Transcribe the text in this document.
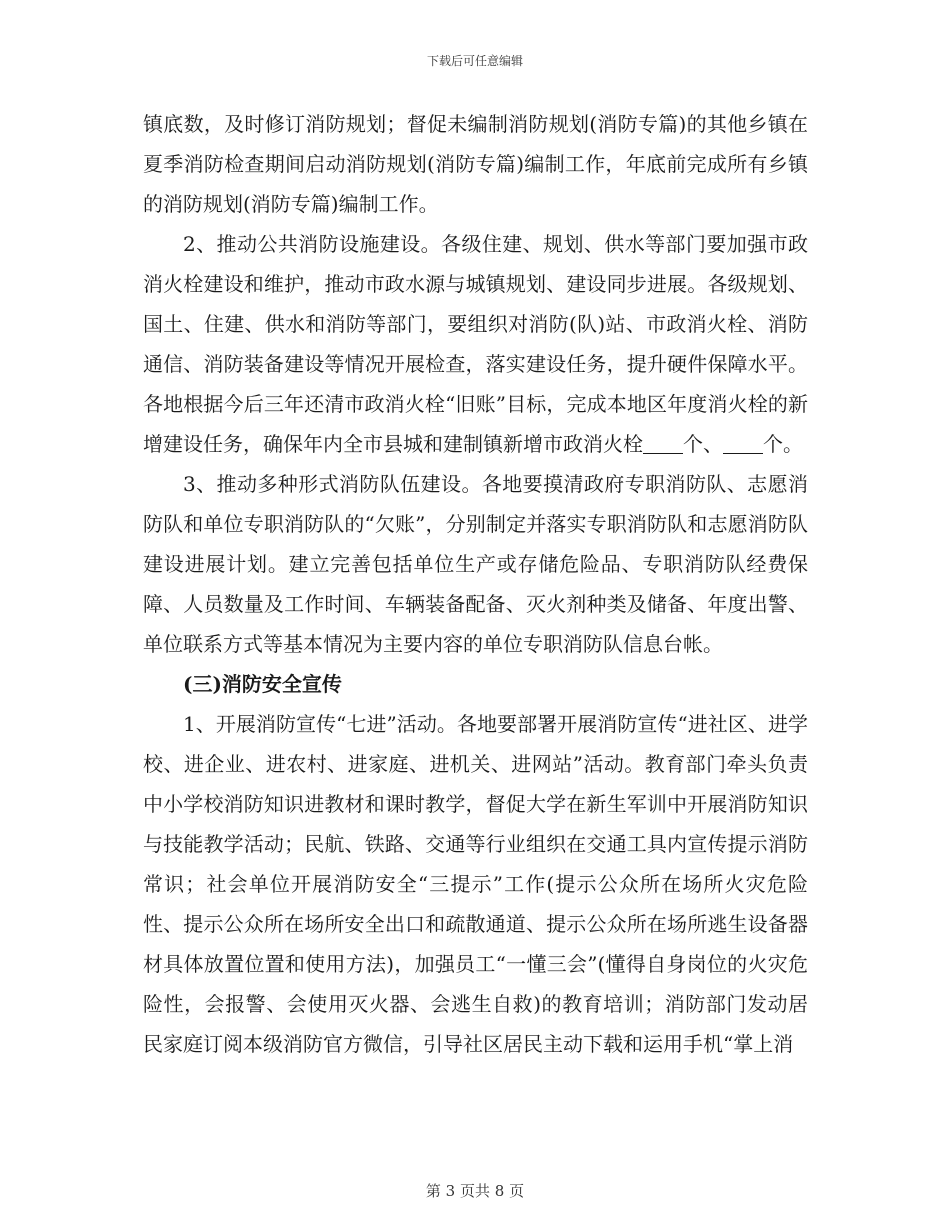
下载后可任意编辑

镇底数，及时修订消防规划；督促未编制消防规划(消防专篇)的其他乡镇在夏季消防检查期间启动消防规划(消防专篇)编制工作，年底前完成所有乡镇的消防规划(消防专篇)编制工作。

2、推动公共消防设施建设。各级住建、规划、供水等部门要加强市政消火栓建设和维护，推动市政水源与城镇规划、建设同步进展。各级规划、国土、住建、供水和消防等部门，要组织对消防(队)站、市政消火栓、消防通信、消防装备建设等情况开展检查，落实建设任务，提升硬件保障水平。各地根据今后三年还清市政消火栓“旧账”目标，完成本地区年度消火栓的新增建设任务，确保年内全市县城和建制镇新增市政消火栓 个、 个。

3、推动多种形式消防队伍建设。各地要摸清政府专职消防队、志愿消防队和单位专职消防队的“欠账”，分别制定并落实专职消防队和志愿消防队建设进展计划。建立完善包括单位生产或存储危险品、专职消防队经费保障、人员数量及工作时间、车辆装备配备、灭火剂种类及储备、年度出警、单位联系方式等基本情况为主要内容的单位专职消防队信息台帐。

(三)消防安全宣传

1、开展消防宣传“七进”活动。各地要部署开展消防宣传“进社区、进学校、进企业、进农村、进家庭、进机关、进网站”活动。教育部门牵头负责中小学校消防知识进教材和课时教学，督促大学在新生军训中开展消防知识与技能教学活动；民航、铁路、交通等行业组织在交通工具内宣传提示消防常识；社会单位开展消防安全“三提示”工作(提示公众所在场所火灾危险性、提示公众所在场所安全出口和疏散通道、提示公众所在场所逃生设备器材具体放置位置和使用方法)，加强员工“一懂三会”(懂得自身岗位的火灾危险性，会报警、会使用灭火器、会逃生自救)的教育培训；消防部门发动居民家庭订阅本级消防官方微信，引导社区居民主动下载和运用手机“掌上消

第 3 页共 8 页
